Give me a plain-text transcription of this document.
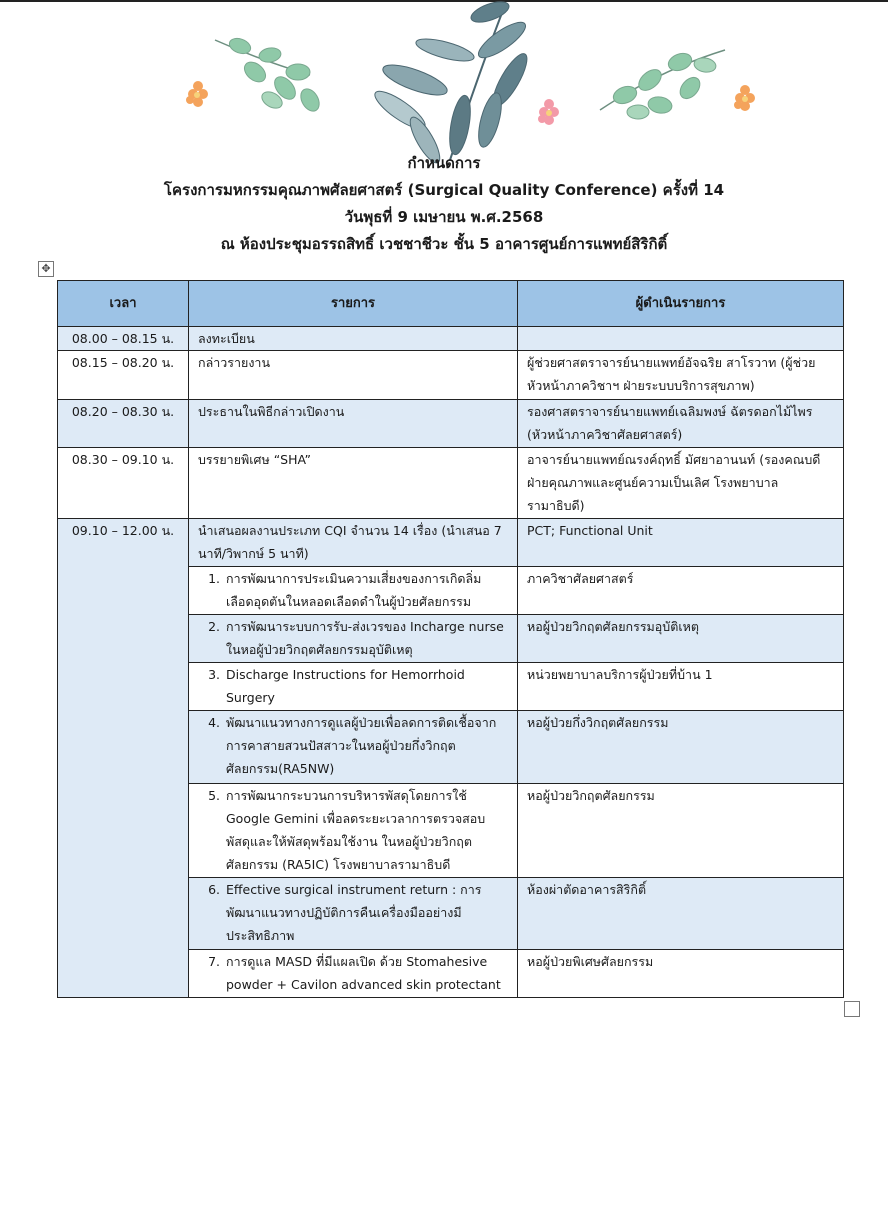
กำหนดการ
โครงการมหกรรมคุณภาพศัลยศาสตร์ (Surgical Quality Conference) ครั้งที่ 14
วันพุธที่ 9 เมษายน พ.ศ.2568
ณ ห้องประชุมอรรถสิทธิ์ เวชชาชีวะ ชั้น 5 อาคารศูนย์การแพทย์สิริกิติ์
✥
เวลา	รายการ	ผู้ดำเนินรายการ
08.00 – 08.15 น.	ลงทะเบียน	
08.15 – 08.20 น.	กล่าวรายงาน	ผู้ช่วยศาสตราจารย์นายแพทย์อัจฉริย สาโรวาท (ผู้ช่วยหัวหน้าภาควิชาฯ ฝ่ายระบบบริการสุขภาพ)
08.20 – 08.30 น.	ประธานในพิธีกล่าวเปิดงาน	รองศาสตราจารย์นายแพทย์เฉลิมพงษ์ ฉัตรดอกไม้ไพร (หัวหน้าภาควิชาศัลยศาสตร์)
08.30 – 09.10 น.	บรรยายพิเศษ “SHA”	อาจารย์นายแพทย์ณรงค์ฤทธิ์ มัศยาอานนท์ (รองคณบดีฝ่ายคุณภาพและศูนย์ความเป็นเลิศ โรงพยาบาลรามาธิบดี)
09.10 – 12.00 น.	นำเสนอผลงานประเภท CQI จำนวน 14 เรื่อง (นำเสนอ 7 นาที/วิพากษ์ 5 นาที)	PCT; Functional Unit

	1. การพัฒนาการประเมินความเสี่ยงของการเกิดลิ่มเลือดอุดตันในหลอดเลือดดำในผู้ป่วยศัลยกรรม	ภาควิชาศัลยศาสตร์

	2. การพัฒนาระบบการรับ-ส่งเวรของ Incharge nurse ในหอผู้ป่วยวิกฤตศัลยกรรมอุบัติเหตุ	หอผู้ป่วยวิกฤตศัลยกรรมอุบัติเหตุ

	3. Discharge Instructions for Hemorrhoid Surgery	หน่วยพยาบาลบริการผู้ป่วยที่บ้าน 1

	4. พัฒนาแนวทางการดูแลผู้ป่วยเพื่อลดการติดเชื้อจากการคาสายสวนปัสสาวะในหอผู้ป่วยกึ่งวิกฤตศัลยกรรม(RA5NW)	หอผู้ป่วยกึ่งวิกฤตศัลยกรรม

	5. การพัฒนากระบวนการบริหารพัสดุโดยการใช้ Google Gemini เพื่อลดระยะเวลาการตรวจสอบพัสดุและให้พัสดุพร้อมใช้งาน ในหอผู้ป่วยวิกฤตศัลยกรรม (RA5IC) โรงพยาบาลรามาธิบดี	หอผู้ป่วยวิกฤตศัลยกรรม

	6. Effective surgical instrument return : การพัฒนาแนวทางปฏิบัติการคืนเครื่องมืออย่างมีประสิทธิภาพ	ห้องผ่าตัดอาคารสิริกิติ์

	7. การดูแล MASD ที่มีแผลเปิด ด้วย Stomahesive powder + Cavilon advanced skin protectant	หอผู้ป่วยพิเศษศัลยกรรม
